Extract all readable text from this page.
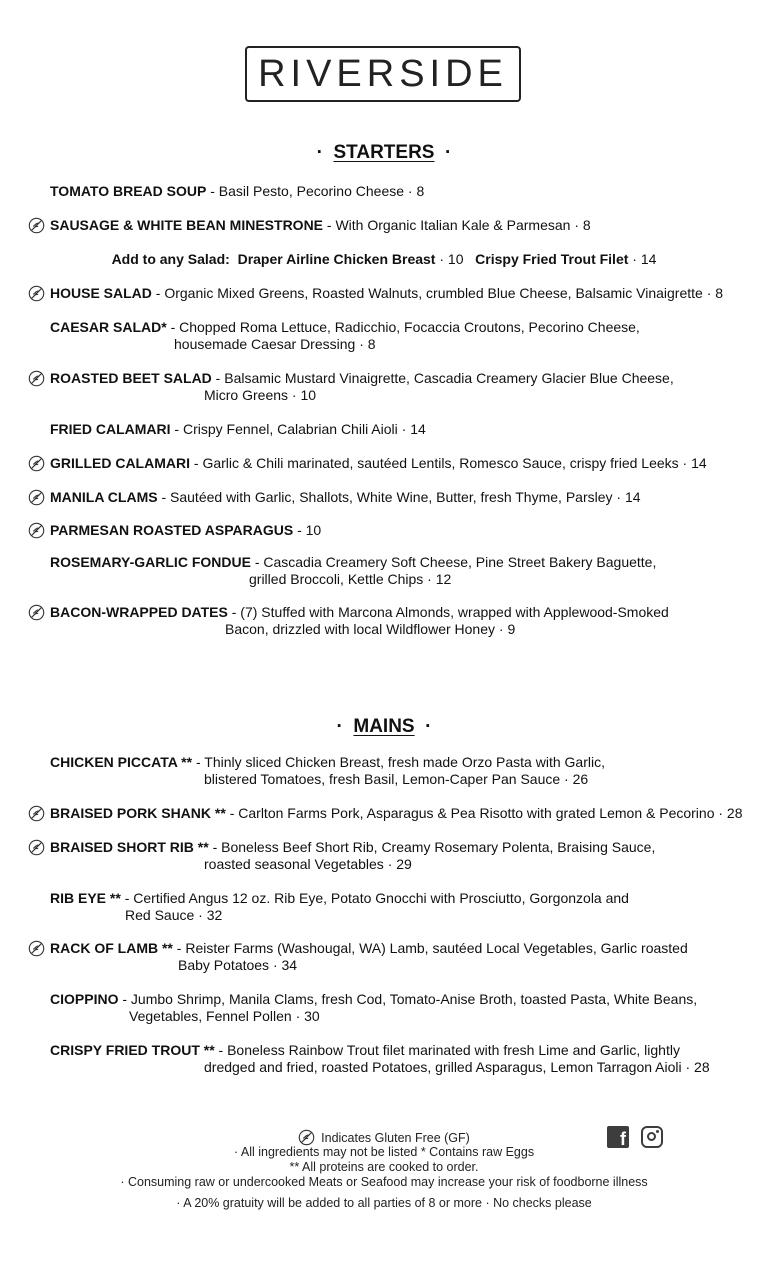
RIVERSIDE
·  STARTERS  ·
TOMATO BREAD SOUP - Basil Pesto, Pecorino Cheese · 8
SAUSAGE & WHITE BEAN MINESTRONE - With Organic Italian Kale & Parmesan · 8
Add to any Salad: Draper Airline Chicken Breast · 10 Crispy Fried Trout Filet · 14
HOUSE SALAD - Organic Mixed Greens, Roasted Walnuts, crumbled Blue Cheese, Balsamic Vinaigrette · 8
CAESAR SALAD* - Chopped Roma Lettuce, Radicchio, Focaccia Croutons, Pecorino Cheese,
housemade Caesar Dressing · 8
ROASTED BEET SALAD - Balsamic Mustard Vinaigrette, Cascadia Creamery Glacier Blue Cheese,
Micro Greens · 10
FRIED CALAMARI - Crispy Fennel, Calabrian Chili Aioli · 14
GRILLED CALAMARI - Garlic & Chili marinated, sautéed Lentils, Romesco Sauce, crispy fried Leeks · 14
MANILA CLAMS - Sautéed with Garlic, Shallots, White Wine, Butter, fresh Thyme, Parsley · 14
PARMESAN ROASTED ASPARAGUS - 10
ROSEMARY-GARLIC FONDUE - Cascadia Creamery Soft Cheese, Pine Street Bakery Baguette,
grilled Broccoli, Kettle Chips · 12
BACON-WRAPPED DATES - (7) Stuffed with Marcona Almonds, wrapped with Applewood-Smoked
Bacon, drizzled with local Wildflower Honey · 9
·  MAINS  ·
CHICKEN PICCATA ** - Thinly sliced Chicken Breast, fresh made Orzo Pasta with Garlic,
blistered Tomatoes, fresh Basil, Lemon-Caper Pan Sauce · 26
BRAISED PORK SHANK ** - Carlton Farms Pork, Asparagus & Pea Risotto with grated Lemon & Pecorino · 28
BRAISED SHORT RIB ** - Boneless Beef Short Rib, Creamy Rosemary Polenta, Braising Sauce,
roasted seasonal Vegetables · 29
RIB EYE ** - Certified Angus 12 oz. Rib Eye, Potato Gnocchi with Prosciutto, Gorgonzola and
Red Sauce · 32
RACK OF LAMB ** - Reister Farms (Washougal, WA) Lamb, sautéed Local Vegetables, Garlic roasted
Baby Potatoes · 34
CIOPPINO - Jumbo Shrimp, Manila Clams, fresh Cod, Tomato-Anise Broth, toasted Pasta, White Beans,
Vegetables, Fennel Pollen · 30
CRISPY FRIED TROUT ** - Boneless Rainbow Trout filet marinated with fresh Lime and Garlic, lightly
dredged and fried, roasted Potatoes, grilled Asparagus, Lemon Tarragon Aioli · 28
Indicates Gluten Free (GF)
· All ingredients may not be listed * Contains raw Eggs
** All proteins are cooked to order.
· Consuming raw or undercooked Meats or Seafood may increase your risk of foodborne illness
· A 20% gratuity will be added to all parties of 8 or more · No checks please
f
